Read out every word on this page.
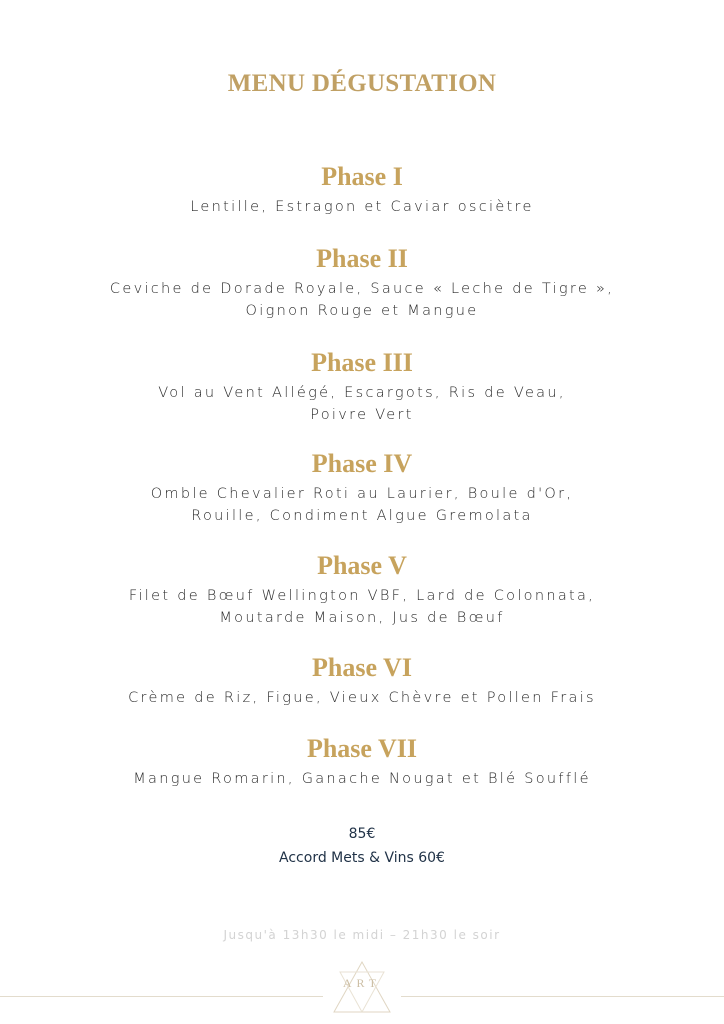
MENU DÉGUSTATION
Phase I
Lentille, Estragon et Caviar osciètre
Phase II
Ceviche de Dorade Royale, Sauce « Leche de Tigre »,
Oignon Rouge et Mangue
Phase III
Vol au Vent Allégé, Escargots, Ris de Veau,
Poivre Vert
Phase IV
Omble Chevalier Roti au Laurier, Boule d'Or,
Rouille, Condiment Algue Gremolata
Phase V
Filet de Bœuf Wellington VBF, Lard de Colonnata,
Moutarde Maison, Jus de Bœuf
Phase VI
Crème de Riz, Figue, Vieux Chèvre et Pollen Frais
Phase VII
Mangue Romarin, Ganache Nougat et Blé Soufflé
85€
Accord Mets & Vins 60€
Jusqu'à 13h30 le midi – 21h30 le soir
ART
